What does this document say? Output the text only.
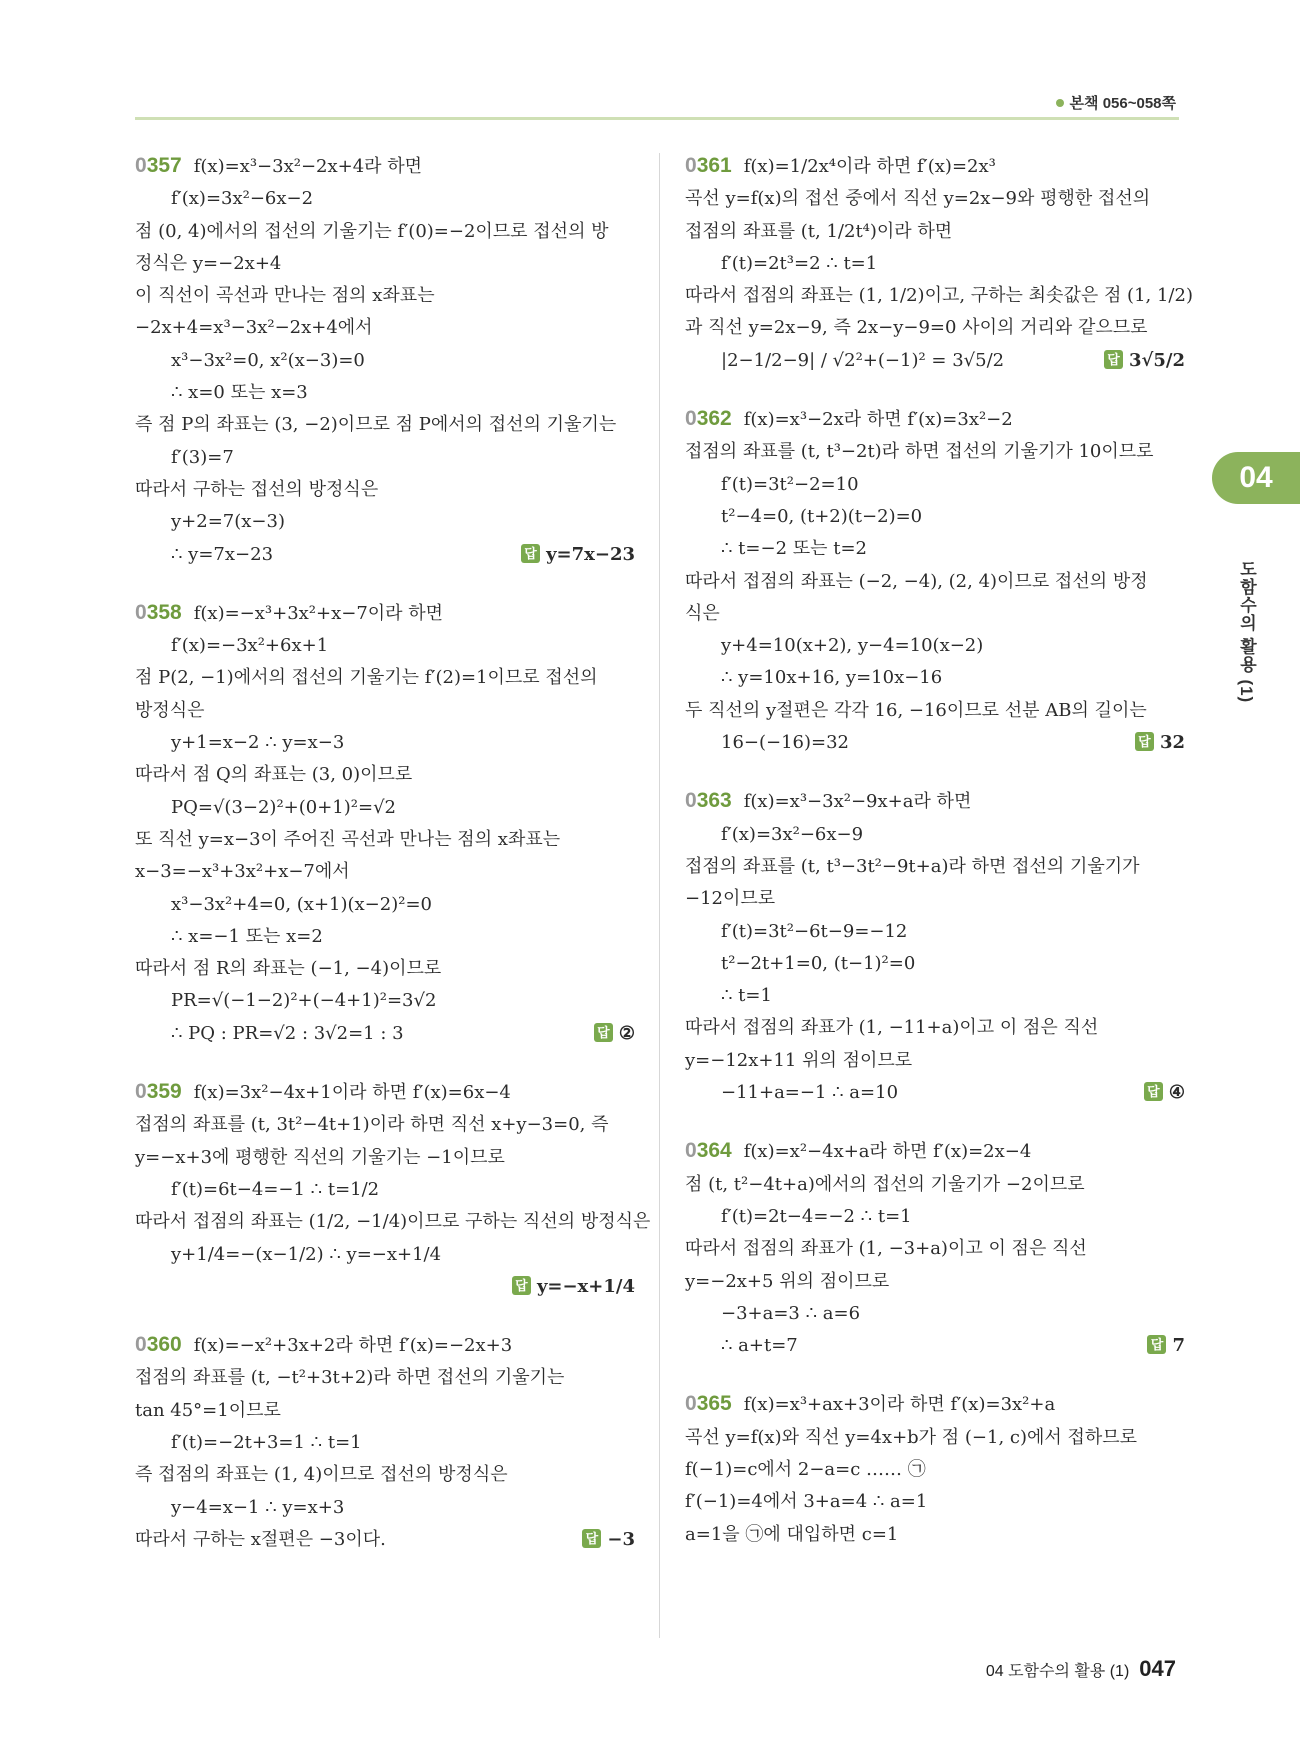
본책 056~058쪽

0357 f(x)=x³−3x²−2x+4라 하면

f′(x)=3x²−6x−2

점 (0, 4)에서의 접선의 기울기는 f′(0)=−2이므로 접선의 방

정식은 y=−2x+4

이 직선이 곡선과 만나는 점의 x좌표는

−2x+4=x³−3x²−2x+4에서

x³−3x²=0, x²(x−3)=0

∴ x=0 또는 x=3

즉 점 P의 좌표는 (3, −2)이므로 점 P에서의 접선의 기울기는

f′(3)=7

따라서 구하는 접선의 방정식은

y+2=7(x−3)

∴ y=7x−23	답 y=7x−23

0358 f(x)=−x³+3x²+x−7이라 하면

f′(x)=−3x²+6x+1

점 P(2, −1)에서의 접선의 기울기는 f′(2)=1이므로 접선의

방정식은

y+1=x−2 ∴ y=x−3

따라서 점 Q의 좌표는 (3, 0)이므로

PQ=√(3−2)²+(0+1)²=√2

또 직선 y=x−3이 주어진 곡선과 만나는 점의 x좌표는

x−3=−x³+3x²+x−7에서

x³−3x²+4=0, (x+1)(x−2)²=0

∴ x=−1 또는 x=2

따라서 점 R의 좌표는 (−1, −4)이므로

PR=√(−1−2)²+(−4+1)²=3√2

∴ PQ : PR=√2 : 3√2=1 : 3	답 ②

0359 f(x)=3x²−4x+1이라 하면 f′(x)=6x−4

접점의 좌표를 (t, 3t²−4t+1)이라 하면 직선 x+y−3=0, 즉

y=−x+3에 평행한 직선의 기울기는 −1이므로

f′(t)=6t−4=−1 ∴ t=1/2

따라서 접점의 좌표는 (1/2, −1/4)이므로 구하는 직선의 방정식은

y+1/4=−(x−1/2) ∴ y=−x+1/4

답 y=−x+1/4

0360 f(x)=−x²+3x+2라 하면 f′(x)=−2x+3

접점의 좌표를 (t, −t²+3t+2)라 하면 접선의 기울기는

tan 45°=1이므로

f′(t)=−2t+3=1 ∴ t=1

즉 접점의 좌표는 (1, 4)이므로 접선의 방정식은

y−4=x−1 ∴ y=x+3

따라서 구하는 x절편은 −3이다.	답 −3

0361 f(x)=1/2x⁴이라 하면 f′(x)=2x³

곡선 y=f(x)의 접선 중에서 직선 y=2x−9와 평행한 접선의

접점의 좌표를 (t, 1/2t⁴)이라 하면

f′(t)=2t³=2 ∴ t=1

따라서 접점의 좌표는 (1, 1/2)이고, 구하는 최솟값은 점 (1, 1/2)

과 직선 y=2x−9, 즉 2x−y−9=0 사이의 거리와 같으므로

|2−1/2−9| / √2²+(−1)² = 3√5/2	답 3√5/2

0362 f(x)=x³−2x라 하면 f′(x)=3x²−2

접점의 좌표를 (t, t³−2t)라 하면 접선의 기울기가 10이므로

f′(t)=3t²−2=10

t²−4=0, (t+2)(t−2)=0

∴ t=−2 또는 t=2

따라서 접점의 좌표는 (−2, −4), (2, 4)이므로 접선의 방정

식은

y+4=10(x+2), y−4=10(x−2)

∴ y=10x+16, y=10x−16

두 직선의 y절편은 각각 16, −16이므로 선분 AB의 길이는

16−(−16)=32	답 32

0363 f(x)=x³−3x²−9x+a라 하면

f′(x)=3x²−6x−9

접점의 좌표를 (t, t³−3t²−9t+a)라 하면 접선의 기울기가

−12이므로

f′(t)=3t²−6t−9=−12

t²−2t+1=0, (t−1)²=0

∴ t=1

따라서 접점의 좌표가 (1, −11+a)이고 이 점은 직선

y=−12x+11 위의 점이므로

−11+a=−1 ∴ a=10	답 ④

0364 f(x)=x²−4x+a라 하면 f′(x)=2x−4

점 (t, t²−4t+a)에서의 접선의 기울기가 −2이므로

f′(t)=2t−4=−2 ∴ t=1

따라서 접점의 좌표가 (1, −3+a)이고 이 점은 직선

y=−2x+5 위의 점이므로

−3+a=3 ∴ a=6

∴ a+t=7	답 7

0365 f(x)=x³+ax+3이라 하면 f′(x)=3x²+a

곡선 y=f(x)와 직선 y=4x+b가 점 (−1, c)에서 접하므로

f(−1)=c에서 2−a=c …… ㉠

f′(−1)=4에서 3+a=4 ∴ a=1

a=1을 ㉠에 대입하면 c=1

04
도함수의 활용 (1)
04 도함수의 활용 (1) 047
